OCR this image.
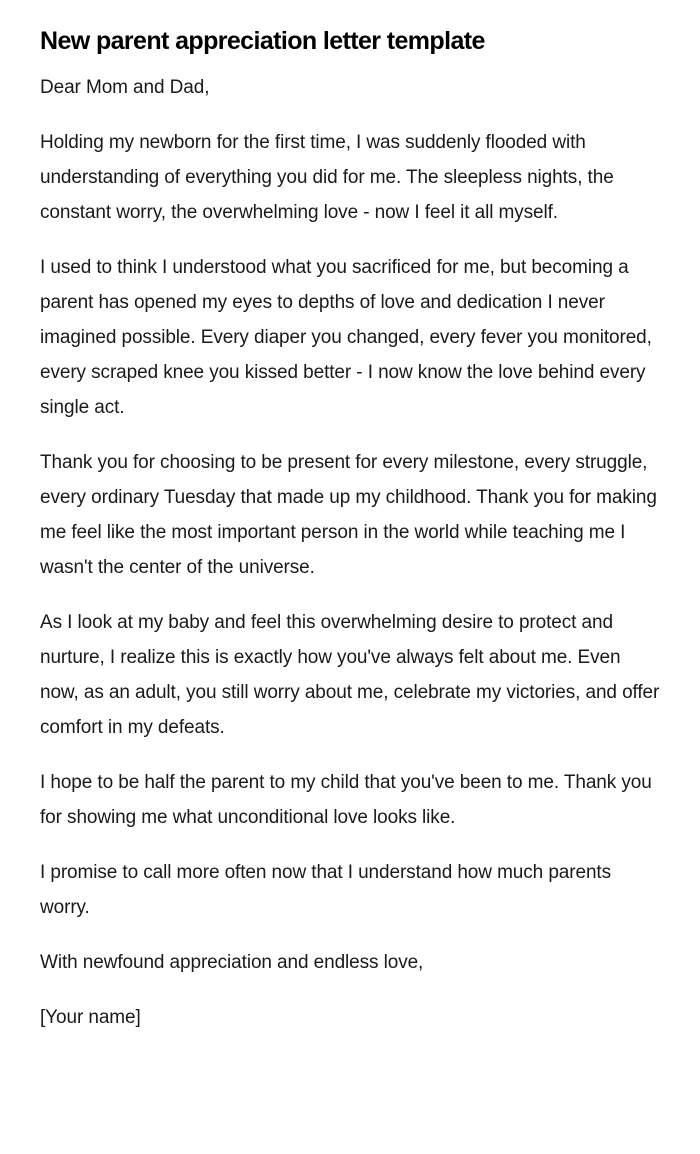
New parent appreciation letter template

Dear Mom and Dad,

Holding my newborn for the first time, I was suddenly flooded with understanding of everything you did for me. The sleepless nights, the constant worry, the overwhelming love - now I feel it all myself.

I used to think I understood what you sacrificed for me, but becoming a parent has opened my eyes to depths of love and dedication I never imagined possible. Every diaper you changed, every fever you monitored, every scraped knee you kissed better - I now know the love behind every single act.

Thank you for choosing to be present for every milestone, every struggle, every ordinary Tuesday that made up my childhood. Thank you for making me feel like the most important person in the world while teaching me I wasn't the center of the universe.

As I look at my baby and feel this overwhelming desire to protect and nurture, I realize this is exactly how you've always felt about me. Even now, as an adult, you still worry about me, celebrate my victories, and offer comfort in my defeats.

I hope to be half the parent to my child that you've been to me. Thank you for showing me what unconditional love looks like.

I promise to call more often now that I understand how much parents worry.

With newfound appreciation and endless love,

[Your name]
